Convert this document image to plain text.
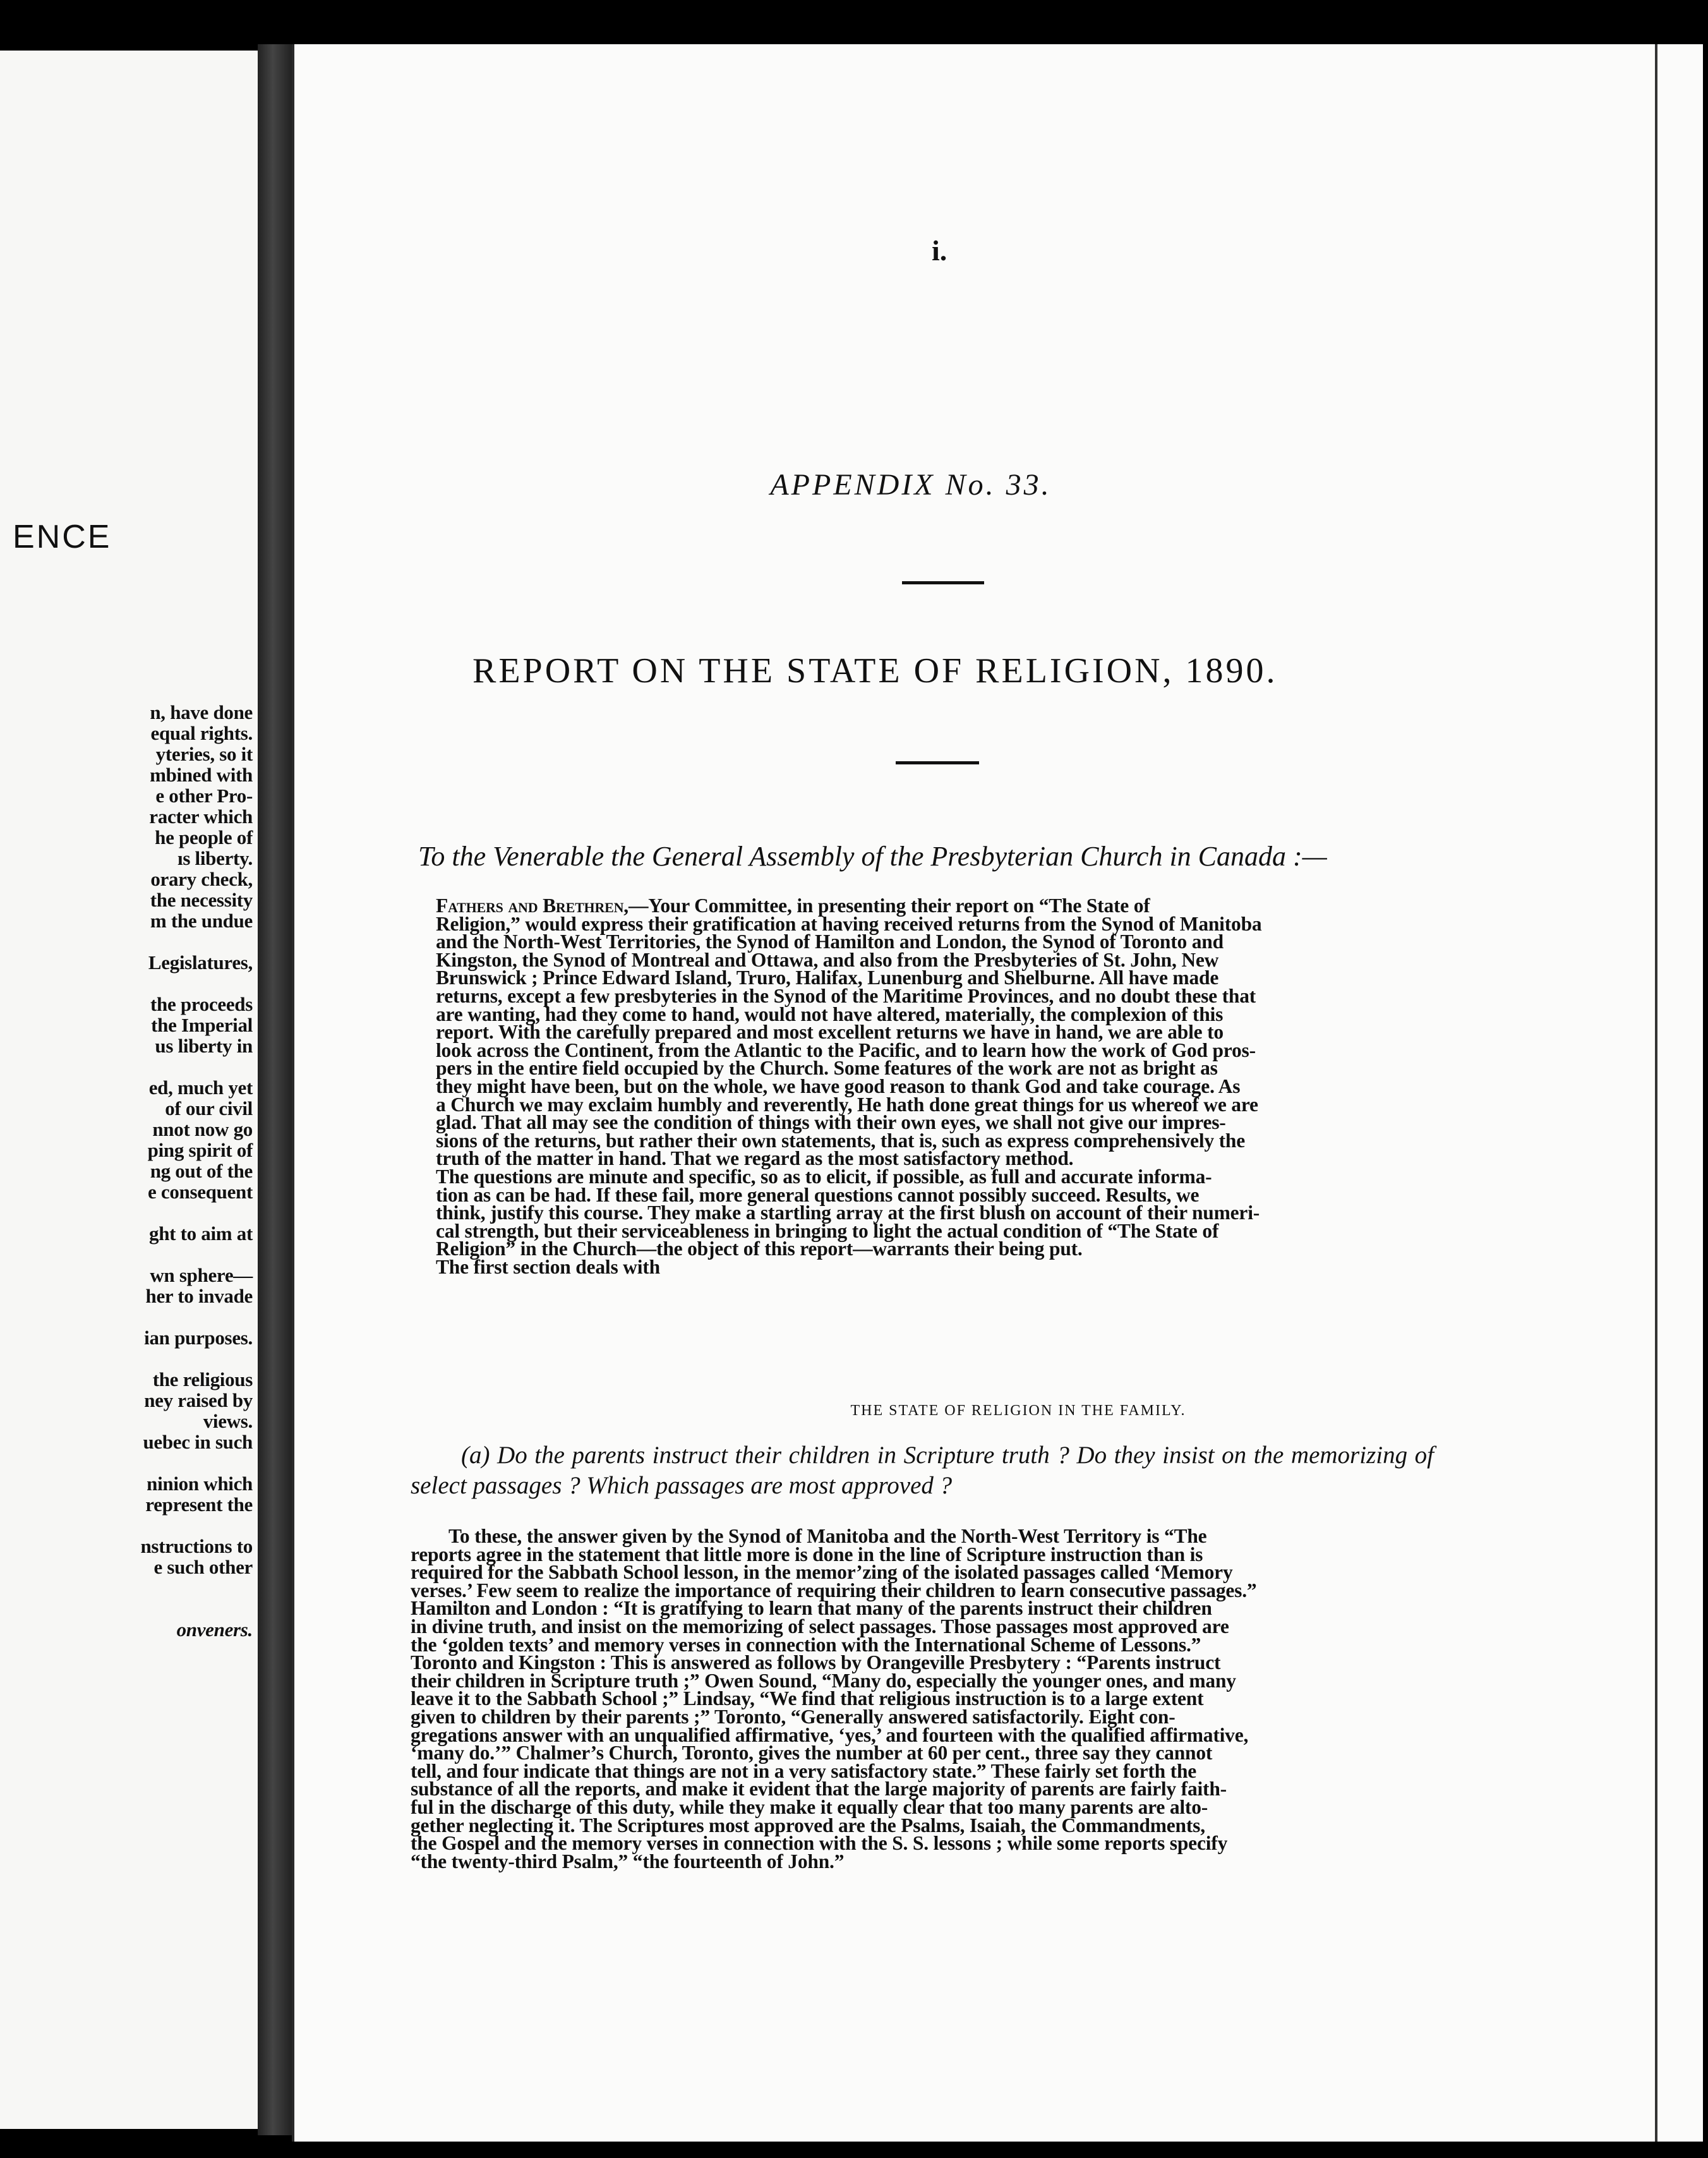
ENCE
n, have done
equal rights.
yteries, so it
mbined with
e other Pro-
racter which
he people of
ıs liberty.
orary check,
the necessity
m the undue
Legislatures,
the proceeds
the Imperial
us liberty in
ed, much yet
of our civil
nnot now go
ping spirit of
ng out of the
e consequent
ght to aim at
wn sphere—
her to invade
ian purposes.
the religious
ney raised by
views.
uebec in such
ninion which
represent the
nstructions to
e such other
onveners.
i.
APPENDIX No. 33.
REPORT ON THE STATE OF RELIGION, 1890.
To the Venerable the General Assembly of the Presbyterian Church in Canada :—
Fathers and Brethren,—Your Committee, in presenting their report on “The State of
Religion,” would express their gratification at having received returns from the Synod of Manitoba
and the North-West Territories, the Synod of Hamilton and London, the Synod of Toronto and
Kingston, the Synod of Montreal and Ottawa, and also from the Presbyteries of St. John, New
Brunswick ; Prince Edward Island, Truro, Halifax, Lunenburg and Shelburne. All have made
returns, except a few presbyteries in the Synod of the Maritime Provinces, and no doubt these that
are wanting, had they come to hand, would not have altered, materially, the complexion of this
report. With the carefully prepared and most excellent returns we have in hand, we are able to
look across the Continent, from the Atlantic to the Pacific, and to learn how the work of God pros-
pers in the entire field occupied by the Church. Some features of the work are not as bright as
they might have been, but on the whole, we have good reason to thank God and take courage. As
a Church we may exclaim humbly and reverently, He hath done great things for us whereof we are
glad. That all may see the condition of things with their own eyes, we shall not give our impres-
sions of the returns, but rather their own statements, that is, such as express comprehensively the
truth of the matter in hand. That we regard as the most satisfactory method.
The questions are minute and specific, so as to elicit, if possible, as full and accurate informa-
tion as can be had. If these fail, more general questions cannot possibly succeed. Results, we
think, justify this course. They make a startling array at the first blush on account of their numeri-
cal strength, but their serviceableness in bringing to light the actual condition of “The State of
Religion” in the Church—the object of this report—warrants their being put.
The first section deals with
THE STATE OF RELIGION IN THE FAMILY.
(a) Do the parents instruct their children in Scripture truth ? Do they insist on the memorizing of select passages ? Which passages are most approved ?
To these, the answer given by the Synod of Manitoba and the North-West Territory is “The
reports agree in the statement that little more is done in the line of Scripture instruction than is
required for the Sabbath School lesson, in the memor’zing of the isolated passages called ‘Memory
verses.’ Few seem to realize the importance of requiring their children to learn consecutive passages.”
Hamilton and London : “It is gratifying to learn that many of the parents instruct their children
in divine truth, and insist on the memorizing of select passages. Those passages most approved are
the ‘golden texts’ and memory verses in connection with the International Scheme of Lessons.”
Toronto and Kingston : This is answered as follows by Orangeville Presbytery : “Parents instruct
their children in Scripture truth ;” Owen Sound, “Many do, especially the younger ones, and many
leave it to the Sabbath School ;” Lindsay, “We find that religious instruction is to a large extent
given to children by their parents ;” Toronto, “Generally answered satisfactorily. Eight con-
gregations answer with an unqualified affirmative, ‘yes,’ and fourteen with the qualified affirmative,
‘many do.’” Chalmer’s Church, Toronto, gives the number at 60 per cent., three say they cannot
tell, and four indicate that things are not in a very satisfactory state.” These fairly set forth the
substance of all the reports, and make it evident that the large majority of parents are fairly faith-
ful in the discharge of this duty, while they make it equally clear that too many parents are alto-
gether neglecting it. The Scriptures most approved are the Psalms, Isaiah, the Commandments,
the Gospel and the memory verses in connection with the S. S. lessons ; while some reports specify
“the twenty-third Psalm,” “the fourteenth of John.”
